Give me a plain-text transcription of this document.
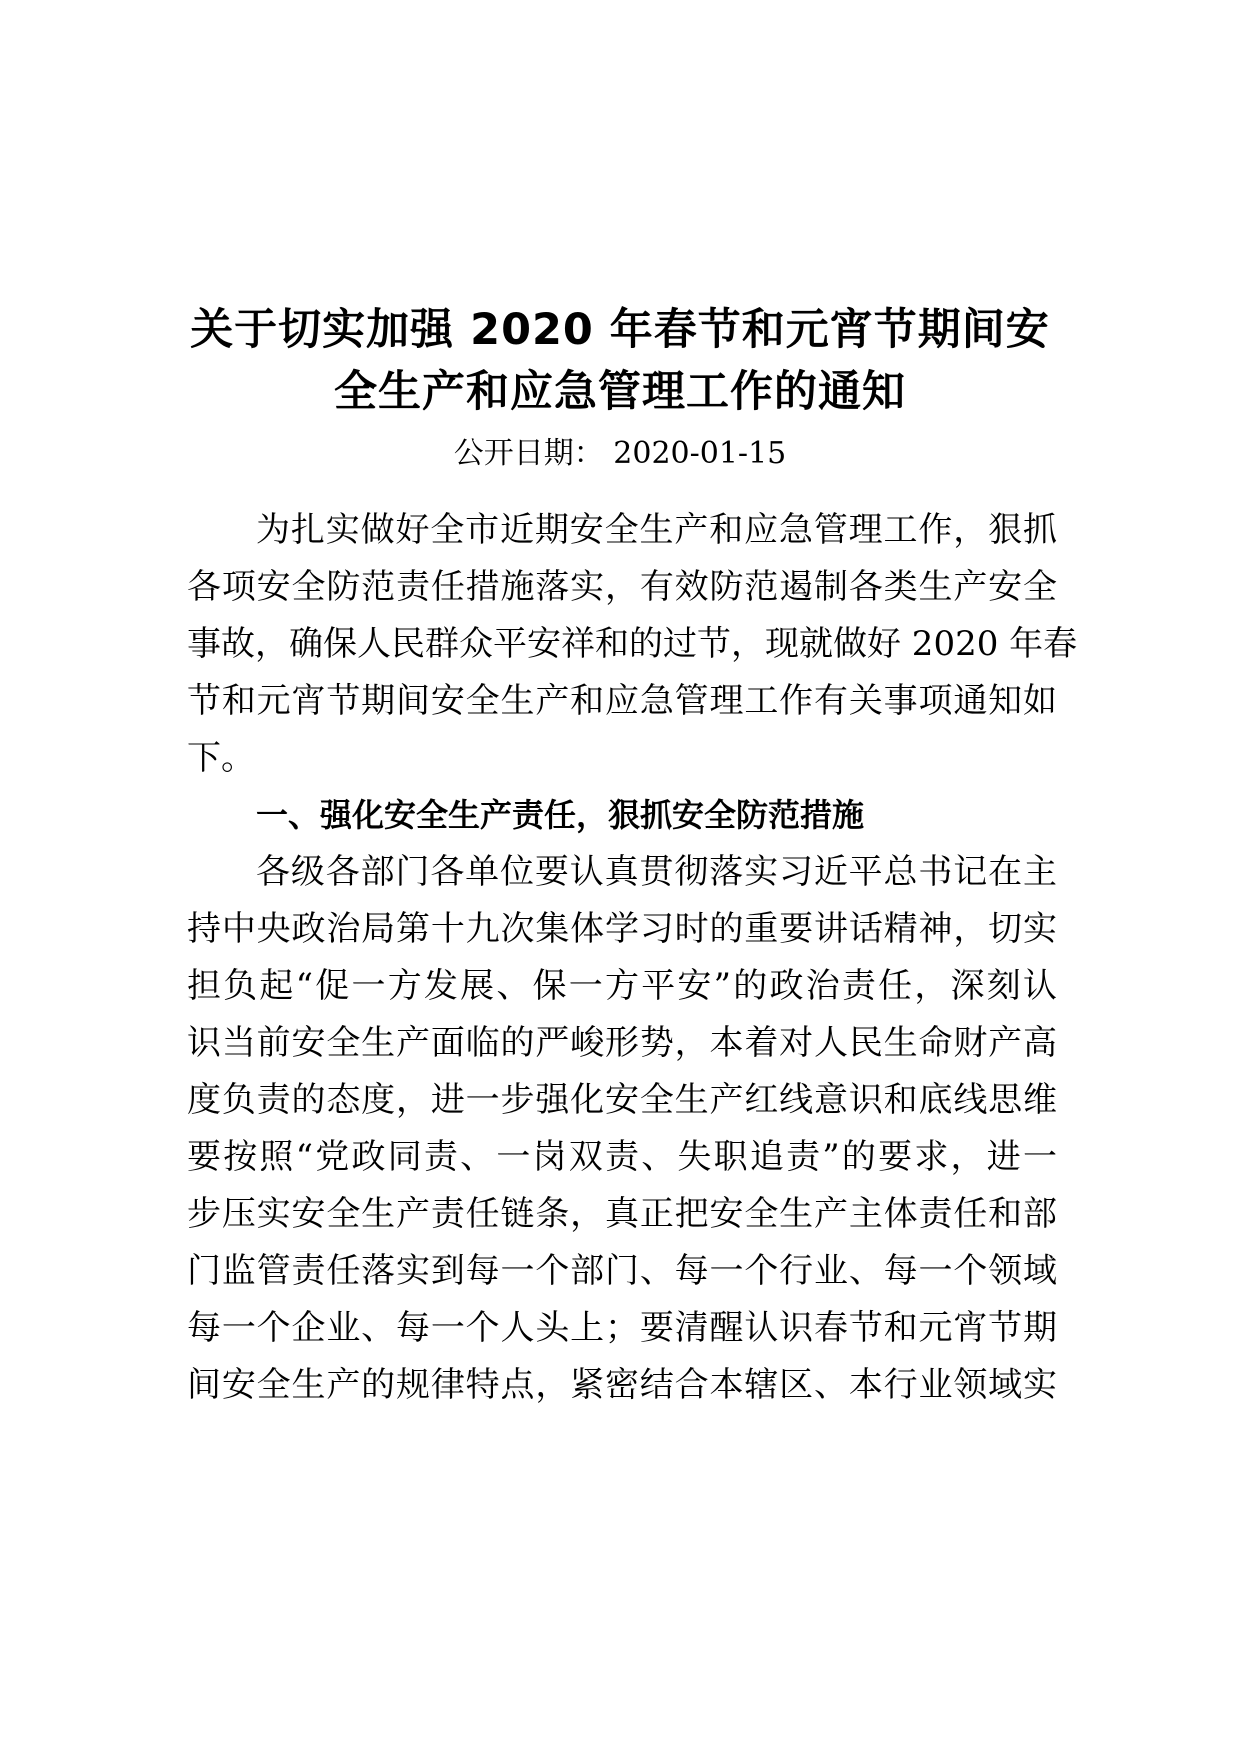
关于切实加强 2020 年春节和元宵节期间安
全生产和应急管理工作的通知
公开日期： 2020-01-15
为扎实做好全市近期安全生产和应急管理工作，狠抓
各项安全防范责任措施落实，有效防范遏制各类生产安全
事故，确保人民群众平安祥和的过节，现就做好 2020 年春
节和元宵节期间安全生产和应急管理工作有关事项通知如
下。
一、强化安全生产责任，狠抓安全防范措施
各级各部门各单位要认真贯彻落实习近平总书记在主
持中央政治局第十九次集体学习时的重要讲话精神，切实
担负起“促一方发展、保一方平安”的政治责任，深刻认
识当前安全生产面临的严峻形势，本着对人民生命财产高
度负责的态度，进一步强化安全生产红线意识和底线思维
要按照“党政同责、一岗双责、失职追责”的要求，进一
步压实安全生产责任链条，真正把安全生产主体责任和部
门监管责任落实到每一个部门、每一个行业、每一个领域
每一个企业、每一个人头上；要清醒认识春节和元宵节期
间安全生产的规律特点，紧密结合本辖区、本行业领域实
